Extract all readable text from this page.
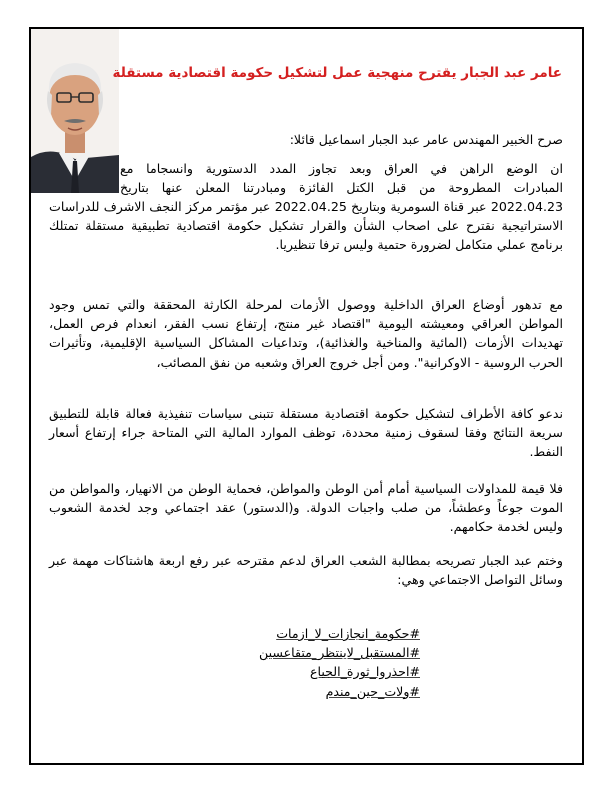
عامر عبد الجبار يقترح منهجية عمل لتشكيل حكومة اقتصادية مستقلة
صرح الخبير المهندس عامر عبد الجبار اسماعيل قائلا:
ان الوضع الراهن في العراق وبعد تجاوز المدد الدستورية وانسجاما مع
المبادرات المطروحة من قبل الكتل الفائزة ومبادرتنا المعلن عنها بتاريخ

2022.04.23 عبر قناة السومرية وبتاريخ 2022.04.25 عبر مؤتمر مركز النجف الاشرف للدراسات الاستراتيجية نقترح على اصحاب الشأن والقرار تشكيل حكومة اقتصادية تطبيقية مستقلة تمتلك برنامج عملي متكامل لضرورة حتمية وليس ترفا تنظيريا.

مع تدهور أوضاع العراق الداخلية ووصول الأزمات لمرحلة الكارثة المحققة والتي تمس وجود المواطن العراقي ومعيشته اليومية "اقتصاد غير منتج، إرتفاع نسب الفقر، انعدام فرص العمل، تهديدات الأزمات (المائية والمناخية والغذائية)، وتداعيات المشاكل السياسية الإقليمية، وتأثيرات الحرب الروسية - الاوكرانية". ومن أجل خروج العراق وشعبه من نفق المصائب،

ندعو كافة الأطراف لتشكيل حكومة اقتصادية مستقلة تتبنى سياسات تنفيذية فعالة قابلة للتطبيق سريعة النتائج وفقا لسقوف زمنية محددة، توظف الموارد المالية التي المتاحة جراء إرتفاع أسعار النفط.

فلا قيمة للمداولات السياسية أمام أمن الوطن والمواطن، فحماية الوطن من الانهيار، والمواطن من الموت جوعاً وعطشاً، من صلب واجبات الدولة. و(الدستور) عقد اجتماعي وجد لخدمة الشعوب وليس لخدمة حكامهم.

وختم عبد الجبار تصريحه بمطالبة الشعب العراق لدعم مقترحه عبر رفع اربعة هاشتاكات مهمة عبر وسائل التواصل الاجتماعي وهي:

#حكومة_انجازات_لا_ازمات
#المستقبل_لاينتظر_متقاعسين
#احذروا_ثورة_الجياع
#ولات_حين_مندم
